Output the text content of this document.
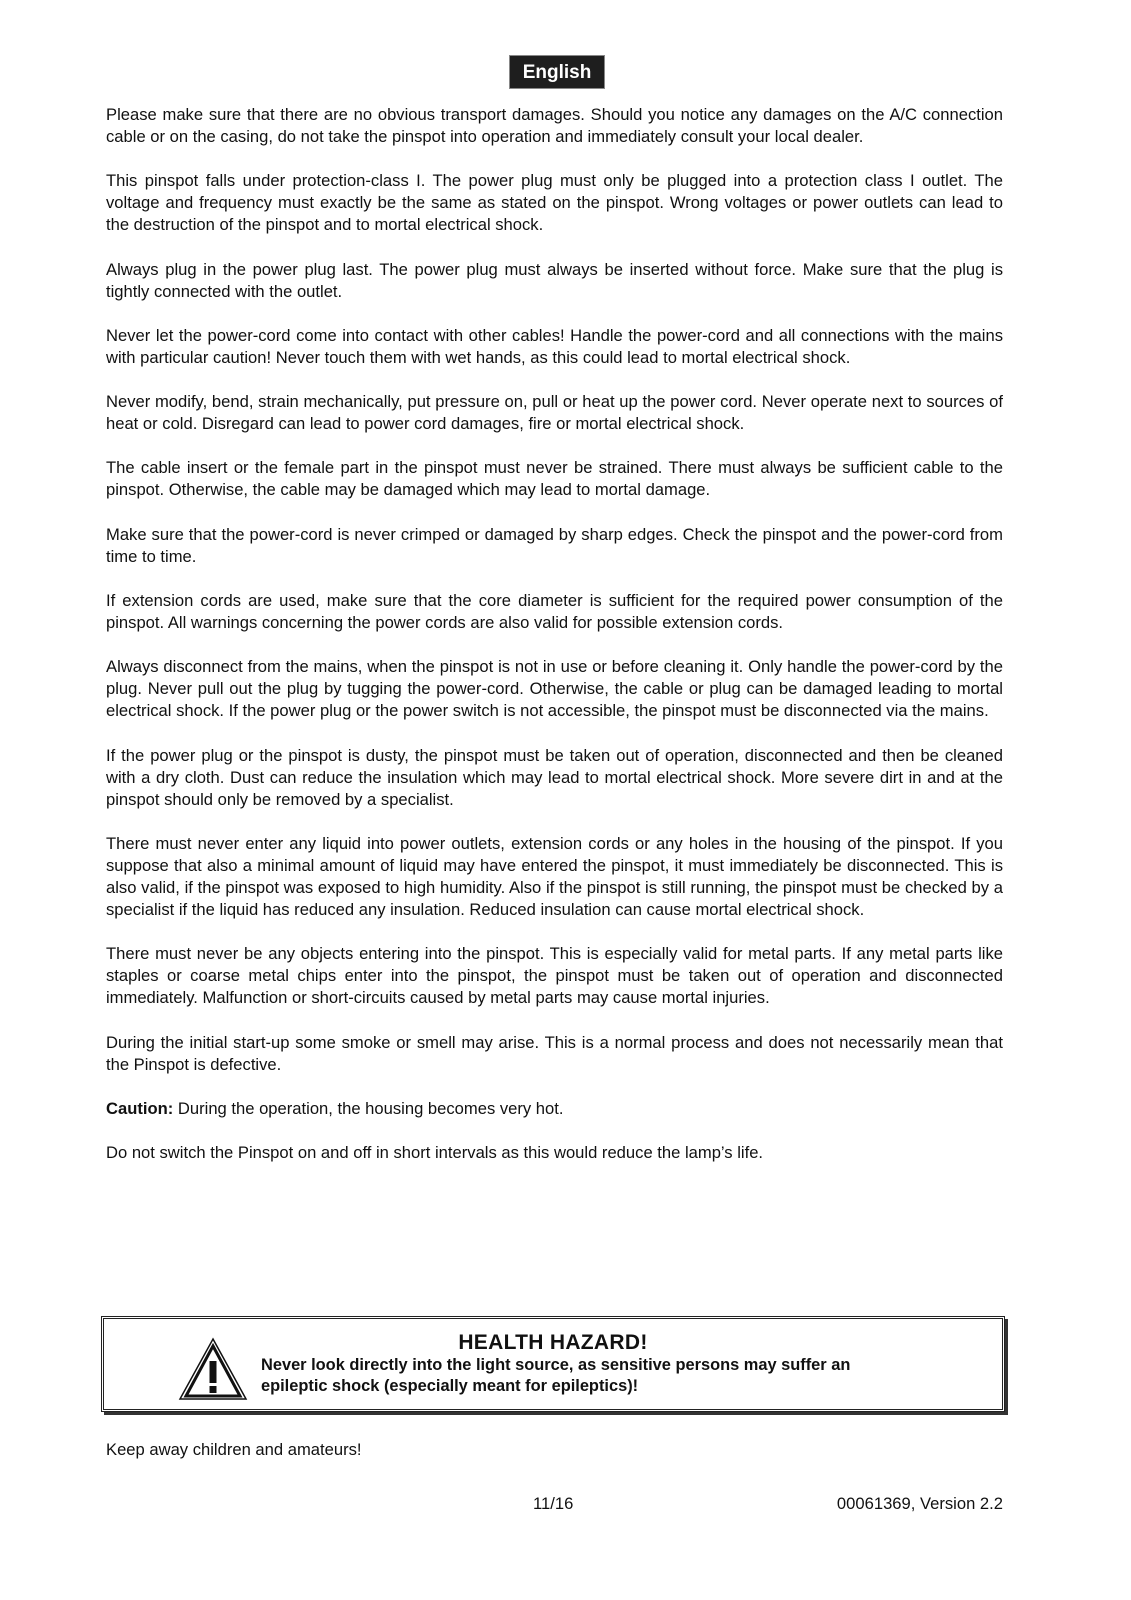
English

Please make sure that there are no obvious transport damages. Should you notice any damages on the A/C connection cable or on the casing, do not take the pinspot into operation and immediately consult your local dealer.

This pinspot falls under protection-class I. The power plug must only be plugged into a protection class I outlet. The voltage and frequency must exactly be the same as stated on the pinspot. Wrong voltages or power outlets can lead to the destruction of the pinspot and to mortal electrical shock.

Always plug in the power plug last. The power plug must always be inserted without force. Make sure that the plug is tightly connected with the outlet.

Never let the power-cord come into contact with other cables! Handle the power-cord and all connections with the mains with particular caution! Never touch them with wet hands, as this could lead to mortal electrical shock.

Never modify, bend, strain mechanically, put pressure on, pull or heat up the power cord. Never operate next to sources of heat or cold. Disregard can lead to power cord damages, fire or mortal electrical shock.

The cable insert or the female part in the pinspot must never be strained. There must always be sufficient cable to the pinspot. Otherwise, the cable may be damaged which may lead to mortal damage.

Make sure that the power-cord is never crimped or damaged by sharp edges. Check the pinspot and the power-cord from time to time.

If extension cords are used, make sure that the core diameter is sufficient for the required power consumption of the pinspot. All warnings concerning the power cords are also valid for possible extension cords.

Always disconnect from the mains, when the pinspot is not in use or before cleaning it. Only handle the power-cord by the plug. Never pull out the plug by tugging the power-cord. Otherwise, the cable or plug can be damaged leading to mortal electrical shock. If the power plug or the power switch is not accessible, the pinspot must be disconnected via the mains.

If the power plug or the pinspot is dusty, the pinspot must be taken out of operation, disconnected and then be cleaned with a dry cloth. Dust can reduce the insulation which may lead to mortal electrical shock. More severe dirt in and at the pinspot should only be removed by a specialist.

There must never enter any liquid into power outlets, extension cords or any holes in the housing of the pinspot. If you suppose that also a minimal amount of liquid may have entered the pinspot, it must immediately be disconnected. This is also valid, if the pinspot was exposed to high humidity. Also if the pinspot is still running, the pinspot must be checked by a specialist if the liquid has reduced any insulation. Reduced insulation can cause mortal electrical shock.

There must never be any objects entering into the pinspot. This is especially valid for metal parts. If any metal parts like staples or coarse metal chips enter into the pinspot, the pinspot must be taken out of operation and disconnected immediately. Malfunction or short-circuits caused by metal parts may cause mortal injuries.

During the initial start-up some smoke or smell may arise. This is a normal process and does not necessarily mean that the Pinspot is defective.

Caution: During the operation, the housing becomes very hot.

Do not switch the Pinspot on and off in short intervals as this would reduce the lamp’s life.

HEALTH HAZARD!
Never look directly into the light source, as sensitive persons may suffer an
epileptic shock (especially meant for epileptics)!
Keep away children and amateurs!
11/16	00061369, Version 2.2
